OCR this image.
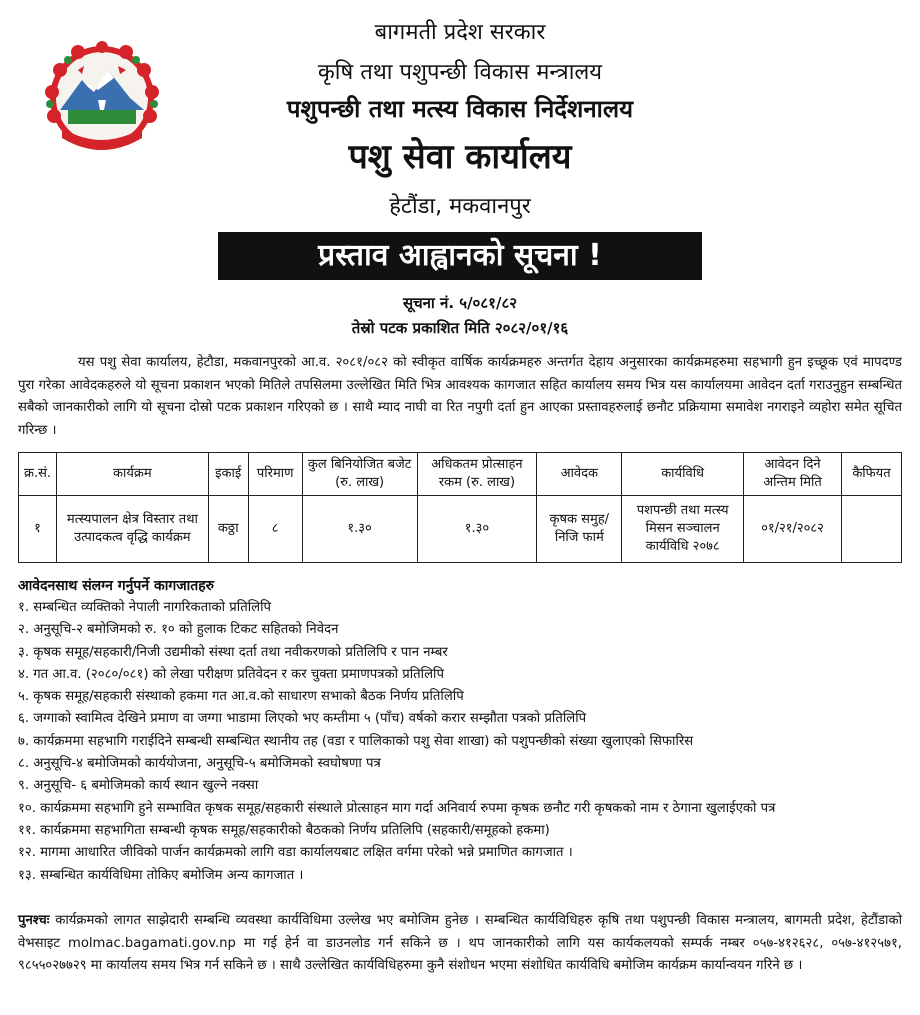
बागमती प्रदेश सरकार
कृषि तथा पशुपन्छी विकास मन्त्रालय
पशुपन्छी तथा मत्स्य विकास निर्देशनालय
पशु सेवा कार्यालय
हेटौंडा, मकवानपुर
प्रस्ताव आह्वानको सूचना !
सूचना नं. ५/०८१/८२
तेस्रो पटक प्रकाशित मिति २०८२/०१/१६
यस पशु सेवा कार्यालय, हेटौडा, मकवानपुरको आ.व. २०८१/०८२ को स्वीकृत वार्षिक कार्यक्रमहरु अन्तर्गत देहाय अनुसारका कार्यक्रमहरुमा सहभागी हुन इच्छूक एवं मापदण्ड पुरा गरेका आवेदकहरुले यो सूचना प्रकाशन भएको मितिले तपसिलमा उल्लेखित मिति भित्र आवश्यक कागजात सहित कार्यालय समय भित्र यस कार्यालयमा आवेदन दर्ता गराउनुहुन सम्बन्धित सबैको जानकारीको लागि यो सूचना दोस्रो पटक प्रकाशन गरिएको छ । साथै म्याद नाघी वा रित नपुगी दर्ता हुन आएका प्रस्तावहरुलाई छनौट प्रक्रियामा समावेश नगराइने व्यहोरा समेत सूचित गरिन्छ ।
क्र.सं.	कार्यक्रम	इकाई	परिमाण	कुल बिनियोजित बजेट (रु. लाख)	अधिकतम प्रोत्साहन रकम (रु. लाख)	आवेदक	कार्यविधि	आवेदन दिने अन्तिम मिति	कैफियत
१	मत्स्यपालन क्षेत्र विस्तार तथा उत्पादकत्व वृद्धि कार्यक्रम	कठ्ठा	८	१.३०	१.३०	कृषक समुह/ निजि फार्म	पशपन्छी तथा मत्स्य मिसन सञ्चालन कार्यविधि २०७८	०१/२१/२०८२	
आवेदनसाथ संलग्न गर्नुपर्ने कागजातहरु
१. सम्बन्धित व्यक्तिको नेपाली नागरिकताको प्रतिलिपि
२. अनुसूचि-२ बमोजिमको रु. १० को हुलाक टिकट सहितको निवेदन
३. कृषक समूह/सहकारी/निजी उद्यमीको संस्था दर्ता तथा नवीकरणको प्रतिलिपि र पान नम्बर
४. गत आ.व. (२०८०/०८१) को लेखा परीक्षण प्रतिवेदन र कर चुक्ता प्रमाणपत्रको प्रतिलिपि
५. कृषक समूह/सहकारी संस्थाको हकमा गत आ.व.को साधारण सभाको बैठक निर्णय प्रतिलिपि
६. जग्गाको स्वामित्व देखिने प्रमाण वा जग्गा भाडामा लिएको भए कम्तीमा ५ (पाँच) वर्षको करार सम्झौता पत्रको प्रतिलिपि
७. कार्यक्रममा सहभागि गराईदिने सम्बन्धी सम्बन्धित स्थानीय तह (वडा र पालिकाको पशु सेवा शाखा) को पशुपन्छीको संख्या खुलाएको सिफारिस
८. अनुसूचि-४ बमोजिमको कार्ययोजना, अनुसूचि-५ बमोजिमको स्वघोषणा पत्र
९. अनुसूचि- ६ बमोजिमको कार्य स्थान खुल्ने नक्सा
१०. कार्यक्रममा सहभागि हुने सम्भावित कृषक समूह/सहकारी संस्थाले प्रोत्साहन माग गर्दा अनिवार्य रुपमा कृषक छनौट गरी कृषकको नाम र ठेगाना खुलाईएको पत्र
११. कार्यक्रममा सहभागिता सम्बन्धी कृषक समूह/सहकारीको बैठकको निर्णय प्रतिलिपि (सहकारी/समूहको हकमा)
१२. मागमा आधारित जीविको पार्जन कार्यक्रमको लागि वडा कार्यालयबाट लक्षित वर्गमा परेको भन्ने प्रमाणित कागजात ।
१३. सम्बन्धित कार्यविधिमा तोकिए बमोजिम अन्य कागजात ।
पुनश्चः कार्यक्रमको लागत साझेदारी सम्बन्धि व्यवस्था कार्यविधिमा उल्लेख भए बमोजिम हुनेछ । सम्बन्धित कार्यविधिहरु कृषि तथा पशुपन्छी विकास मन्त्रालय, बागमती प्रदेश, हेटौंडाको वेभसाइट molmac.bagamati.gov.np मा गई हेर्न वा डाउनलोड गर्न सकिने छ । थप जानकारीको लागि यस कार्यकलयको सम्पर्क नम्बर ०५७-४१२६२८, ०५७-४१२५७१, ९८५५०२७७२९ मा कार्यालय समय भित्र गर्न सकिने छ । साथै उल्लेखित कार्यविधिहरुमा कुनै संशोधन भएमा संशोधित कार्यविधि बमोजिम कार्यक्रम कार्यान्वयन गरिने छ ।
